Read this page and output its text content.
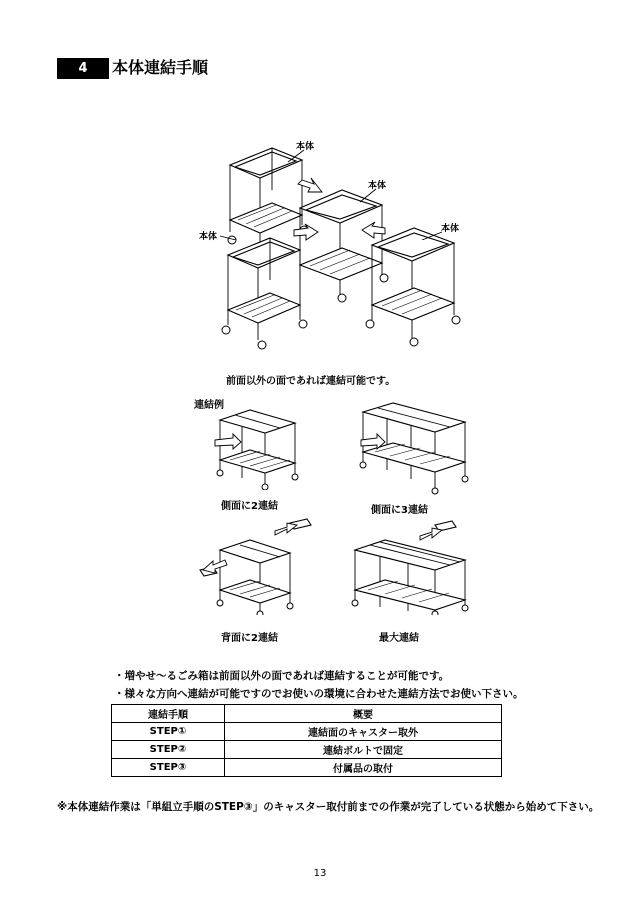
4	本体連結手順
本体
本体
本体
本体
前面以外の面であれば連結可能です。
連結例
側面に2連結	側面に3連結
背面に2連結	最大連結
・増やせ～るごみ箱は前面以外の面であれば連結することが可能です。
・様々な方向へ連結が可能ですのでお使いの環境に合わせた連結方法でお使い下さい。
連結手順	概要
STEP①	連結面のキャスター取外
STEP②	連結ボルトで固定
STEP③	付属品の取付
※本体連結作業は「単組立手順のSTEP③」のキャスター取付前までの作業が完了している状態から始めて下さい。
13
